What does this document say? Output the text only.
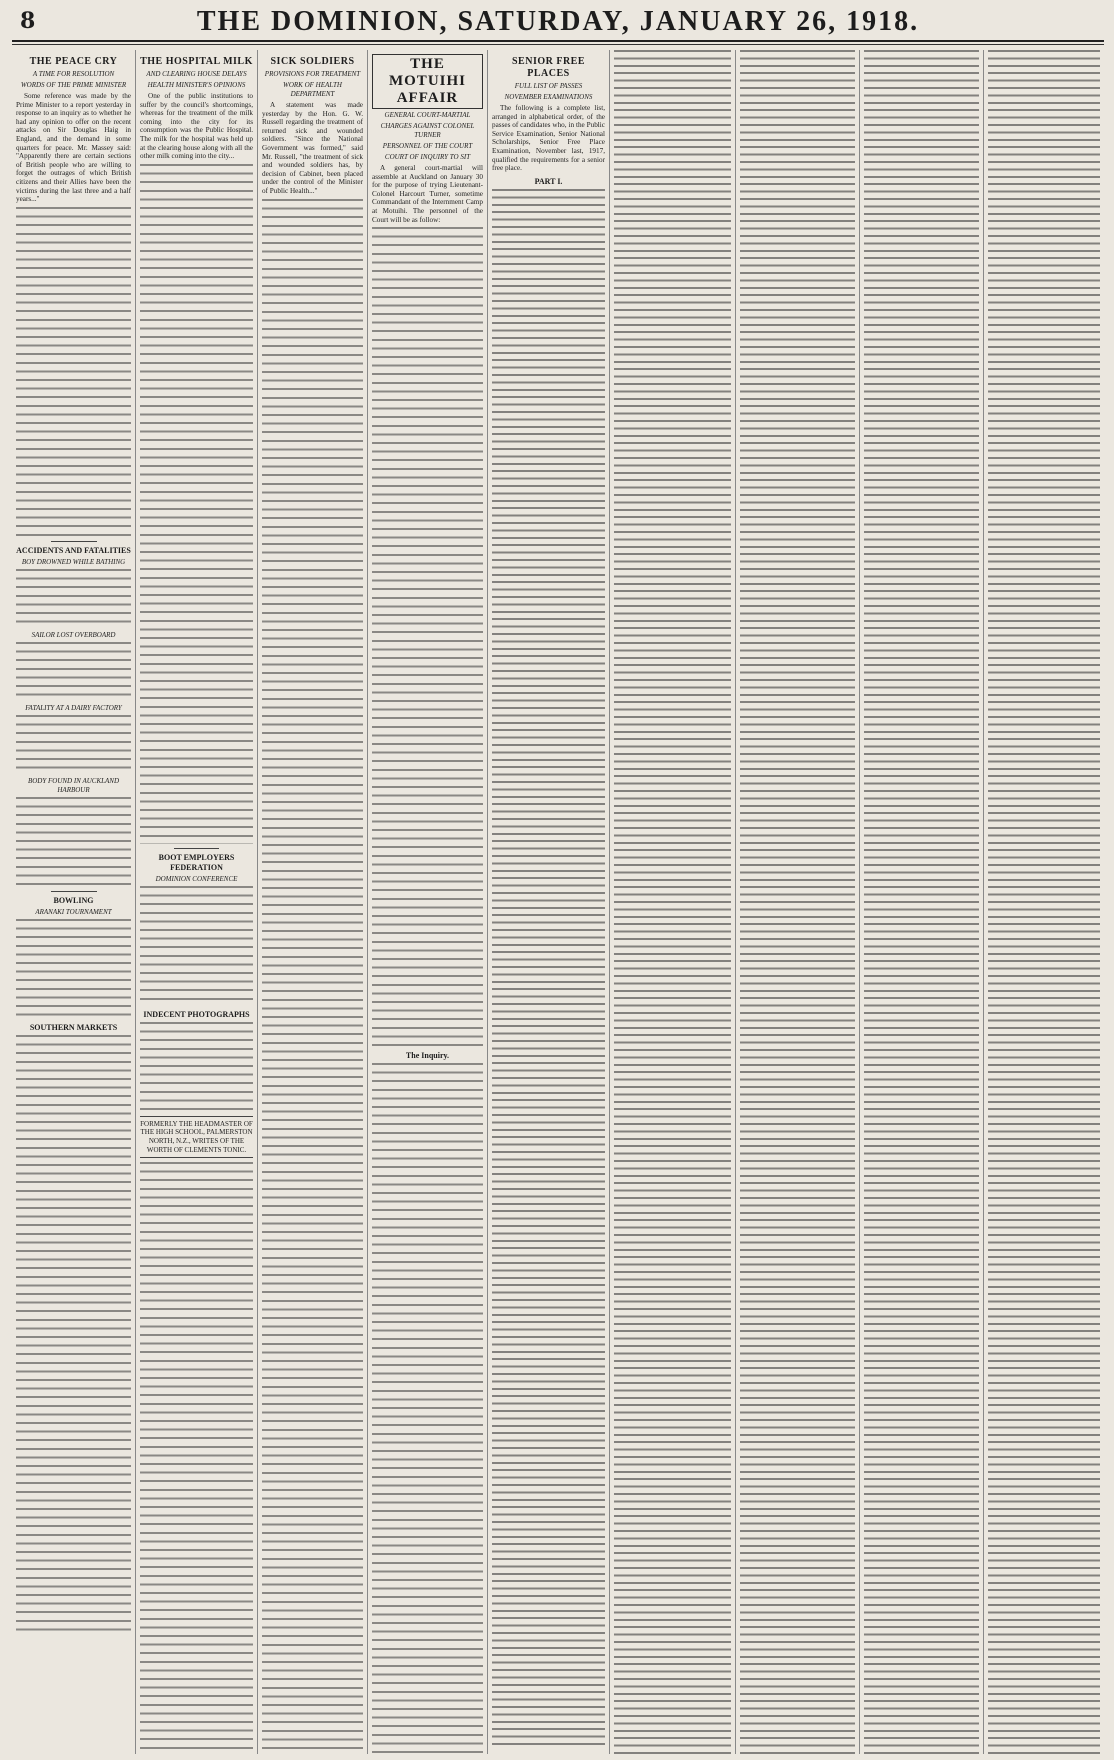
8	THE DOMINION, SATURDAY, JANUARY 26, 1918.
THE PEACE CRY
A TIME FOR RESOLUTION
WORDS OF THE PRIME MINISTER

Some reference was made by the Prime Minister to a report yesterday in response to an inquiry as to whether he had any opinion to offer on the recent attacks on Sir Douglas Haig in England, and the demand in some quarters for peace. Mr. Massey said: "Apparently there are certain sections of British people who are willing to forget the outrages of which British citizens and their Allies have been the victims during the last three and a half years..."

ACCIDENTS AND FATALITIES
BOY DROWNED WHILE BATHING
SAILOR LOST OVERBOARD
FATALITY AT A DAIRY FACTORY
BODY FOUND IN AUCKLAND HARBOUR
BOWLING
ARANAKI TOURNAMENT
SOUTHERN MARKETS
THE HOSPITAL MILK
AND CLEARING HOUSE DELAYS
HEALTH MINISTER'S OPINIONS

One of the public institutions to suffer by the council's shortcomings, whereas for the treatment of the milk coming into the city for its consumption was the Public Hospital. The milk for the hospital was held up at the clearing house along with all the other milk coming into the city...

BOOT EMPLOYERS FEDERATION
DOMINION CONFERENCE
INDECENT PHOTOGRAPHS
FORMERLY THE HEADMASTER OF THE HIGH SCHOOL, PALMERSTON NORTH, N.Z., WRITES OF THE WORTH OF CLEMENTS TONIC.
SICK SOLDIERS
PROVISIONS FOR TREATMENT
WORK OF HEALTH DEPARTMENT

A statement was made yesterday by the Hon. G. W. Russell regarding the treatment of returned sick and wounded soldiers. "Since the National Government was formed," said Mr. Russell, "the treatment of sick and wounded soldiers has, by decision of Cabinet, been placed under the control of the Minister of Public Health..."

THE MOTUIHI AFFAIR
GENERAL COURT-MARTIAL
CHARGES AGAINST COLONEL TURNER
PERSONNEL OF THE COURT
COURT OF INQUIRY TO SIT

A general court-martial will assemble at Auckland on January 30 for the purpose of trying Lieutenant-Colonel Harcourt Turner, sometime Commandant of the Internment Camp at Motuihi. The personnel of the Court will be as follow:

The Inquiry.
SENIOR FREE PLACES
FULL LIST OF PASSES
NOVEMBER EXAMINATIONS

The following is a complete list, arranged in alphabetical order, of the passes of candidates who, in the Public Service Examination, Senior National Scholarships, Senior Free Place Examination, November last, 1917, qualified the requirements for a senior free place.

PART I.
